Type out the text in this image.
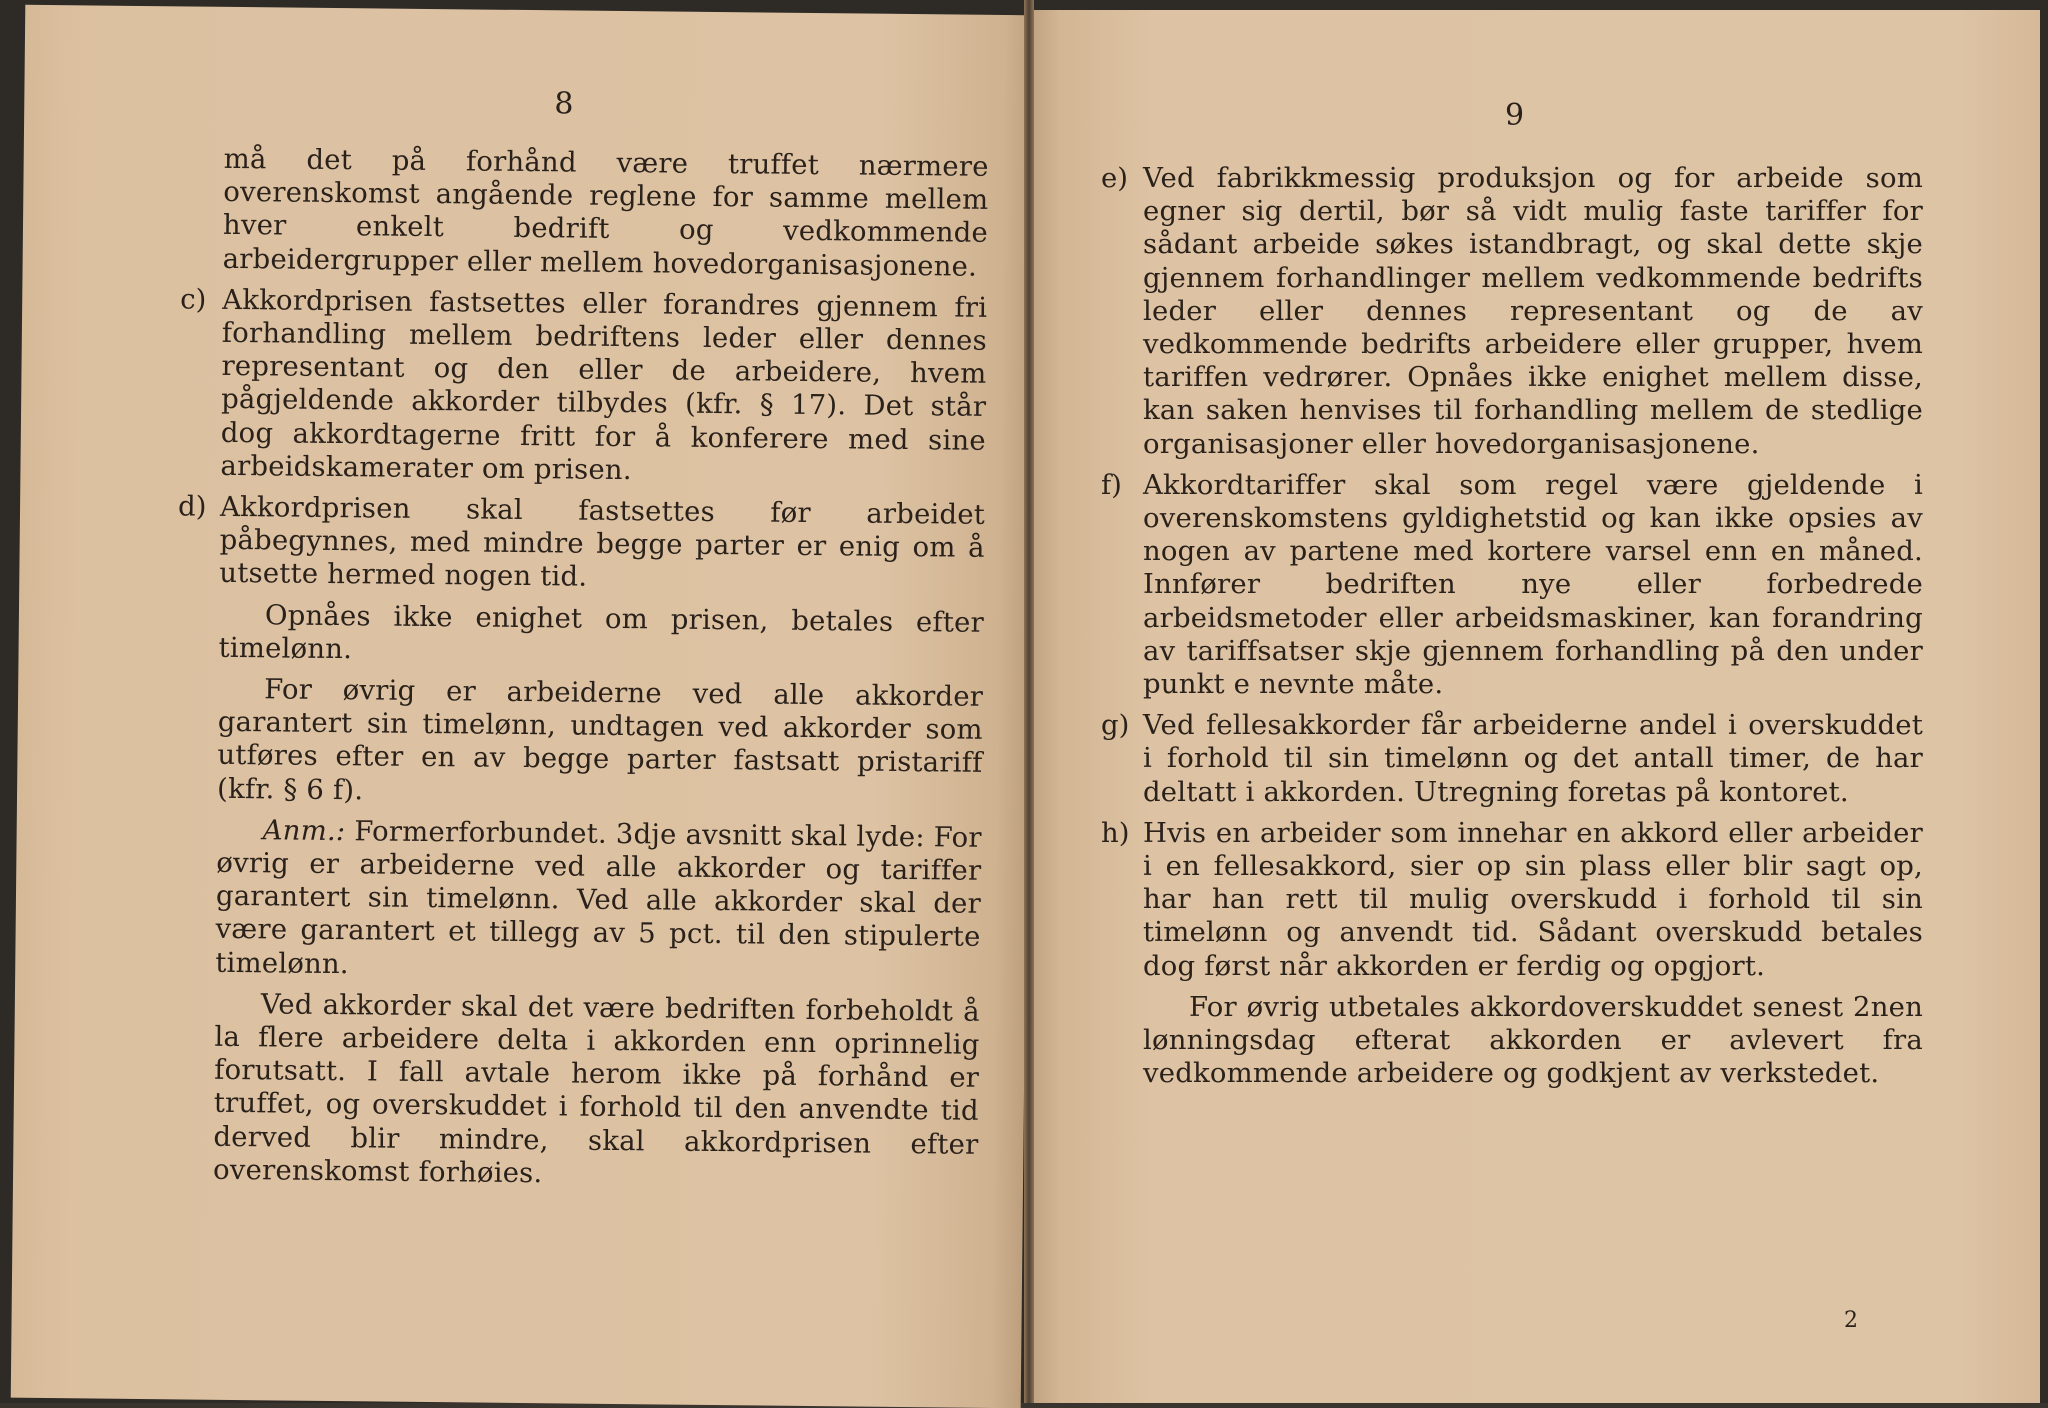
8
må det på forhånd være truffet nærmere overenskomst angående reglene for samme mellem hver enkelt bedrift og vedkommende arbeidergrupper eller mellem hovedorganisasjonene.
c) Akkordprisen fastsettes eller forandres gjennem fri forhandling mellem bedriftens leder eller dennes representant og den eller de arbeidere, hvem pågjeldende akkorder tilbydes (kfr. § 17). Det står dog akkordtagerne fritt for å konferere med sine arbeidskamerater om prisen.
d) Akkordprisen skal fastsettes før arbeidet påbegynnes, med mindre begge parter er enig om å utsette hermed nogen tid.
Opnåes ikke enighet om prisen, betales efter timelønn.
For øvrig er arbeiderne ved alle akkorder garantert sin timelønn, undtagen ved akkorder som utføres efter en av begge parter fastsatt pristariff (kfr. § 6 f).
Anm.: Formerforbundet. 3dje avsnitt skal lyde: For øvrig er arbeiderne ved alle akkorder og tariffer garantert sin timelønn. Ved alle akkorder skal der være garantert et tillegg av 5 pct. til den stipulerte timelønn.
Ved akkorder skal det være bedriften forbeholdt å la flere arbeidere delta i akkorden enn oprinnelig forutsatt. I fall avtale herom ikke på forhånd er truffet, og overskuddet i forhold til den anvendte tid derved blir mindre, skal akkordprisen efter overenskomst forhøies.
9
e) Ved fabrikkmessig produksjon og for arbeide som egner sig dertil, bør så vidt mulig faste tariffer for sådant arbeide søkes istandbragt, og skal dette skje gjennem forhandlinger mellem vedkommende bedrifts leder eller dennes representant og de av vedkommende bedrifts arbeidere eller grupper, hvem tariffen vedrører. Opnåes ikke enighet mellem disse, kan saken henvises til forhandling mellem de stedlige organisasjoner eller hovedorganisasjonene.
f) Akkordtariffer skal som regel være gjeldende i overenskomstens gyldighetstid og kan ikke opsies av nogen av partene med kortere varsel enn en måned. Innfører bedriften nye eller forbedrede arbeidsmetoder eller arbeidsmaskiner, kan forandring av tariffsatser skje gjennem forhandling på den under punkt e nevnte måte.
g) Ved fellesakkorder får arbeiderne andel i overskuddet i forhold til sin timelønn og det antall timer, de har deltatt i akkorden. Utregning foretas på kontoret.
h) Hvis en arbeider som innehar en akkord eller arbeider i en fellesakkord, sier op sin plass eller blir sagt op, har han rett til mulig overskudd i forhold til sin timelønn og anvendt tid. Sådant overskudd betales dog først når akkorden er ferdig og opgjort.
For øvrig utbetales akkordoverskuddet senest 2nen lønningsdag efterat akkorden er avlevert fra vedkommende arbeidere og godkjent av verkstedet.
2
